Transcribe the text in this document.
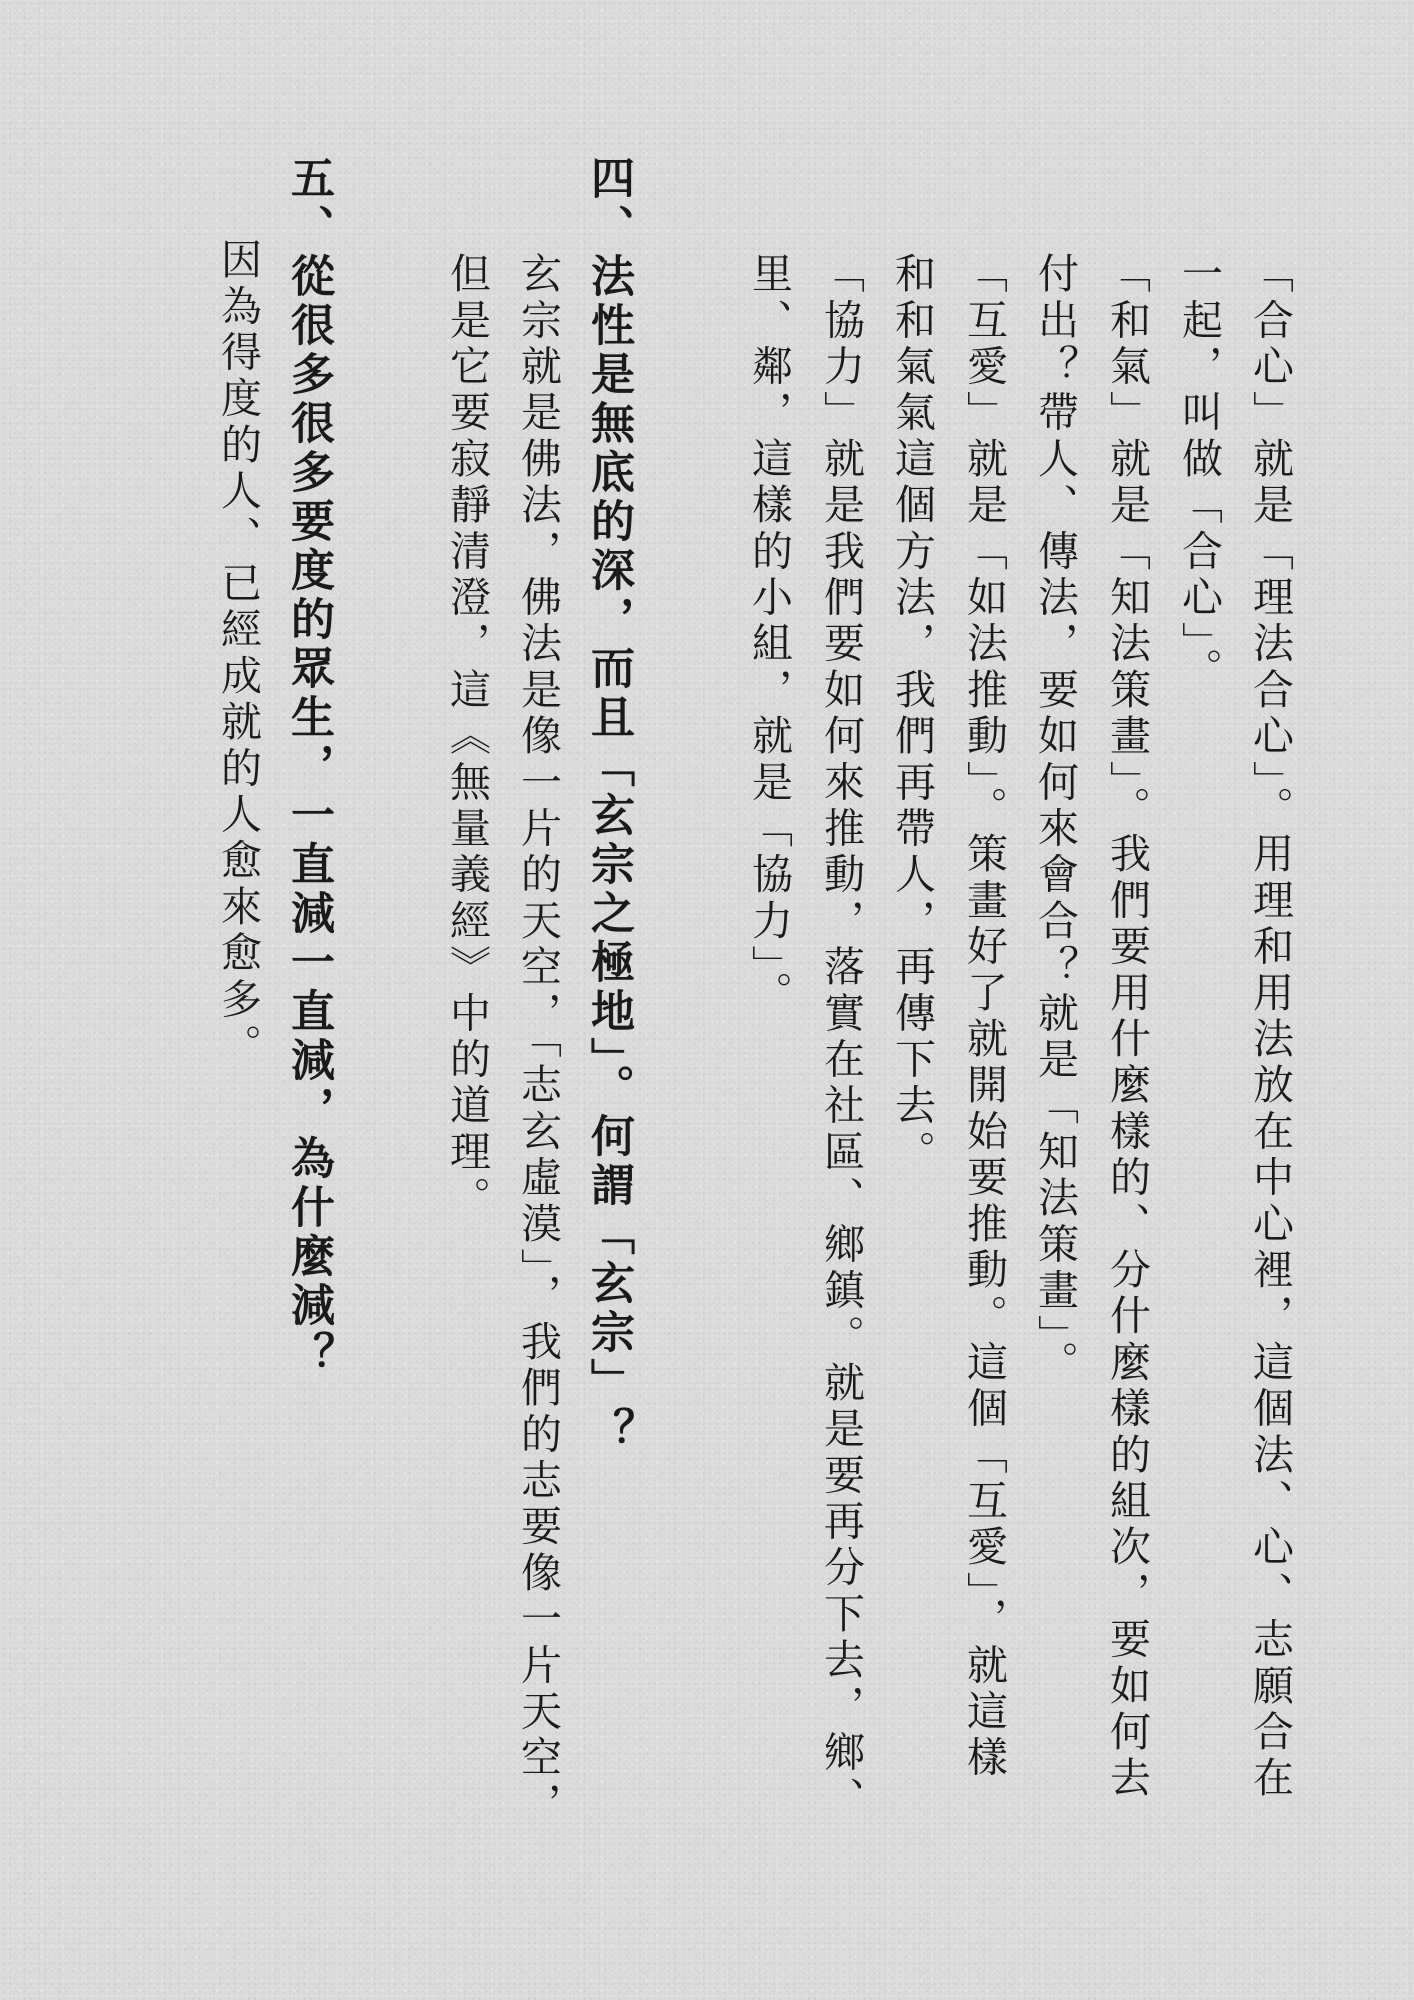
「合心」就是「理法合心」。用理和用法放在中心裡，這個法、心、志願合在
一起，叫做「合心」。
「和氣」就是「知法策畫」。我們要用什麼樣的、分什麼樣的組次，要如何去
付出？帶人、傳法，要如何來會合？就是「知法策畫」。
「互愛」就是「如法推動」。策畫好了就開始要推動。這個「互愛」，就這樣
和和氣氣這個方法，我們再帶人，再傳下去。
「協力」就是我們要如何來推動，落實在社區、鄉鎮。就是要再分下去，鄉、
里、鄰，這樣的小組，就是「協力」。
四、法性是無底的深，而且「玄宗之極地」。何謂「玄宗」？
玄宗就是佛法，佛法是像一片的天空，「志玄虛漠」，我們的志要像一片天空，
但是它要寂靜清澄，這《無量義經》中的道理。
五、從很多很多要度的眾生，一直減一直減，為什麼減？
因為得度的人、已經成就的人愈來愈多。
